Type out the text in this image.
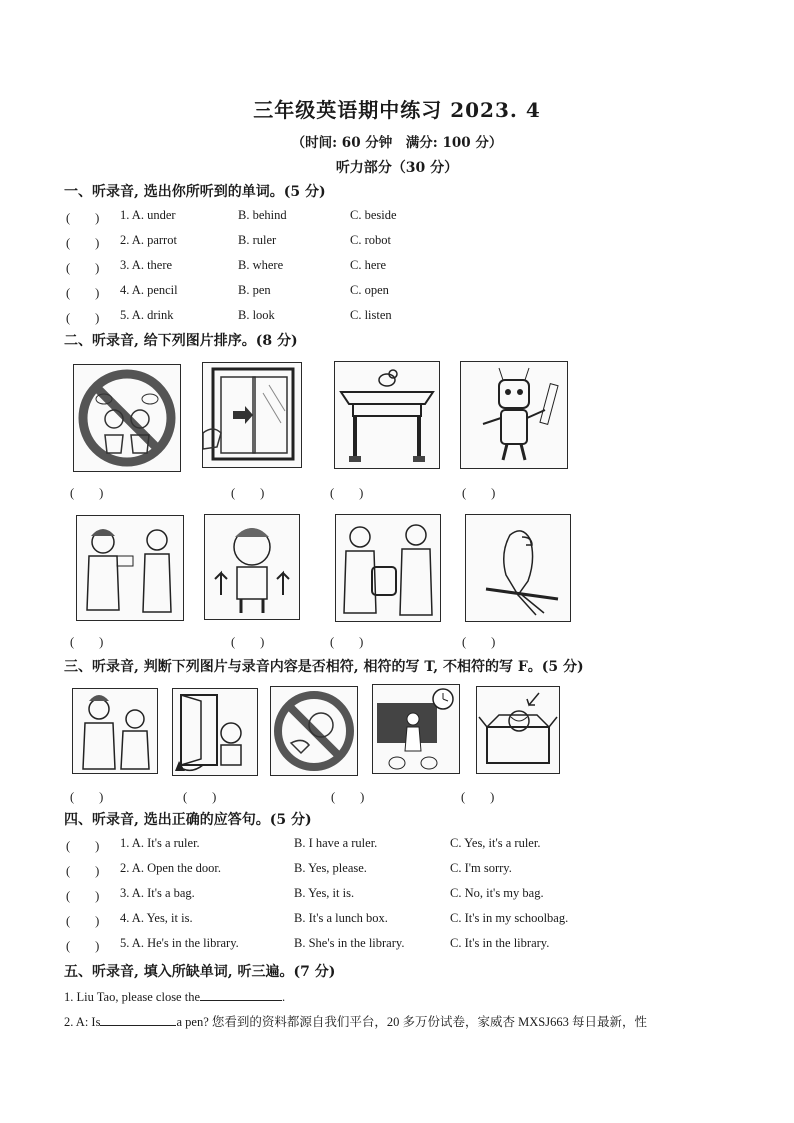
三年级英语期中练习 2023. 4
（时间: 60 分钟　满分: 100 分）
听力部分（30 分）
一、听录音, 选出你所听到的单词。(5 分)
(　　) 1. A. under	B. behind	C. beside
(　　) 2. A. parrot	B. ruler	C. robot
(　　) 3. A. there	B. where	C. here
(　　) 4. A. pencil	B. pen	C. open
(　　) 5. A. drink	B. look	C. listen
二、听录音, 给下列图片排序。(8 分)
(　　)	(　　)	(　　)	(　　)
(　　)	(　　)	(　　)	(　　)
三、听录音, 判断下列图片与录音内容是否相符, 相符的写 T, 不相符的写 F。(5 分)
(　　)	(　　)	(　　)	(　　)
四、听录音, 选出正确的应答句。(5 分)
(　　) 1. A. It's a ruler.	B. I have a ruler.	C. Yes, it's a ruler.
(　　) 2. A. Open the door.	B. Yes, please.	C. I'm sorry.
(　　) 3. A. It's a bag.	B. Yes, it is.	C. No, it's my bag.
(　　) 4. A. Yes, it is.	B. It's a lunch box.	C. It's in my schoolbag.
(　　) 5. A. He's in the library.	B. She's in the library.	C. It's in the library.
五、听录音, 填入所缺单词, 听三遍。(7 分)
1. Liu Tao, please close the	.
2. A: Is	a pen? 您看到的资料都源自我们平台，20 多万份试卷，家威杏 MXSJ663 每日最新，性
